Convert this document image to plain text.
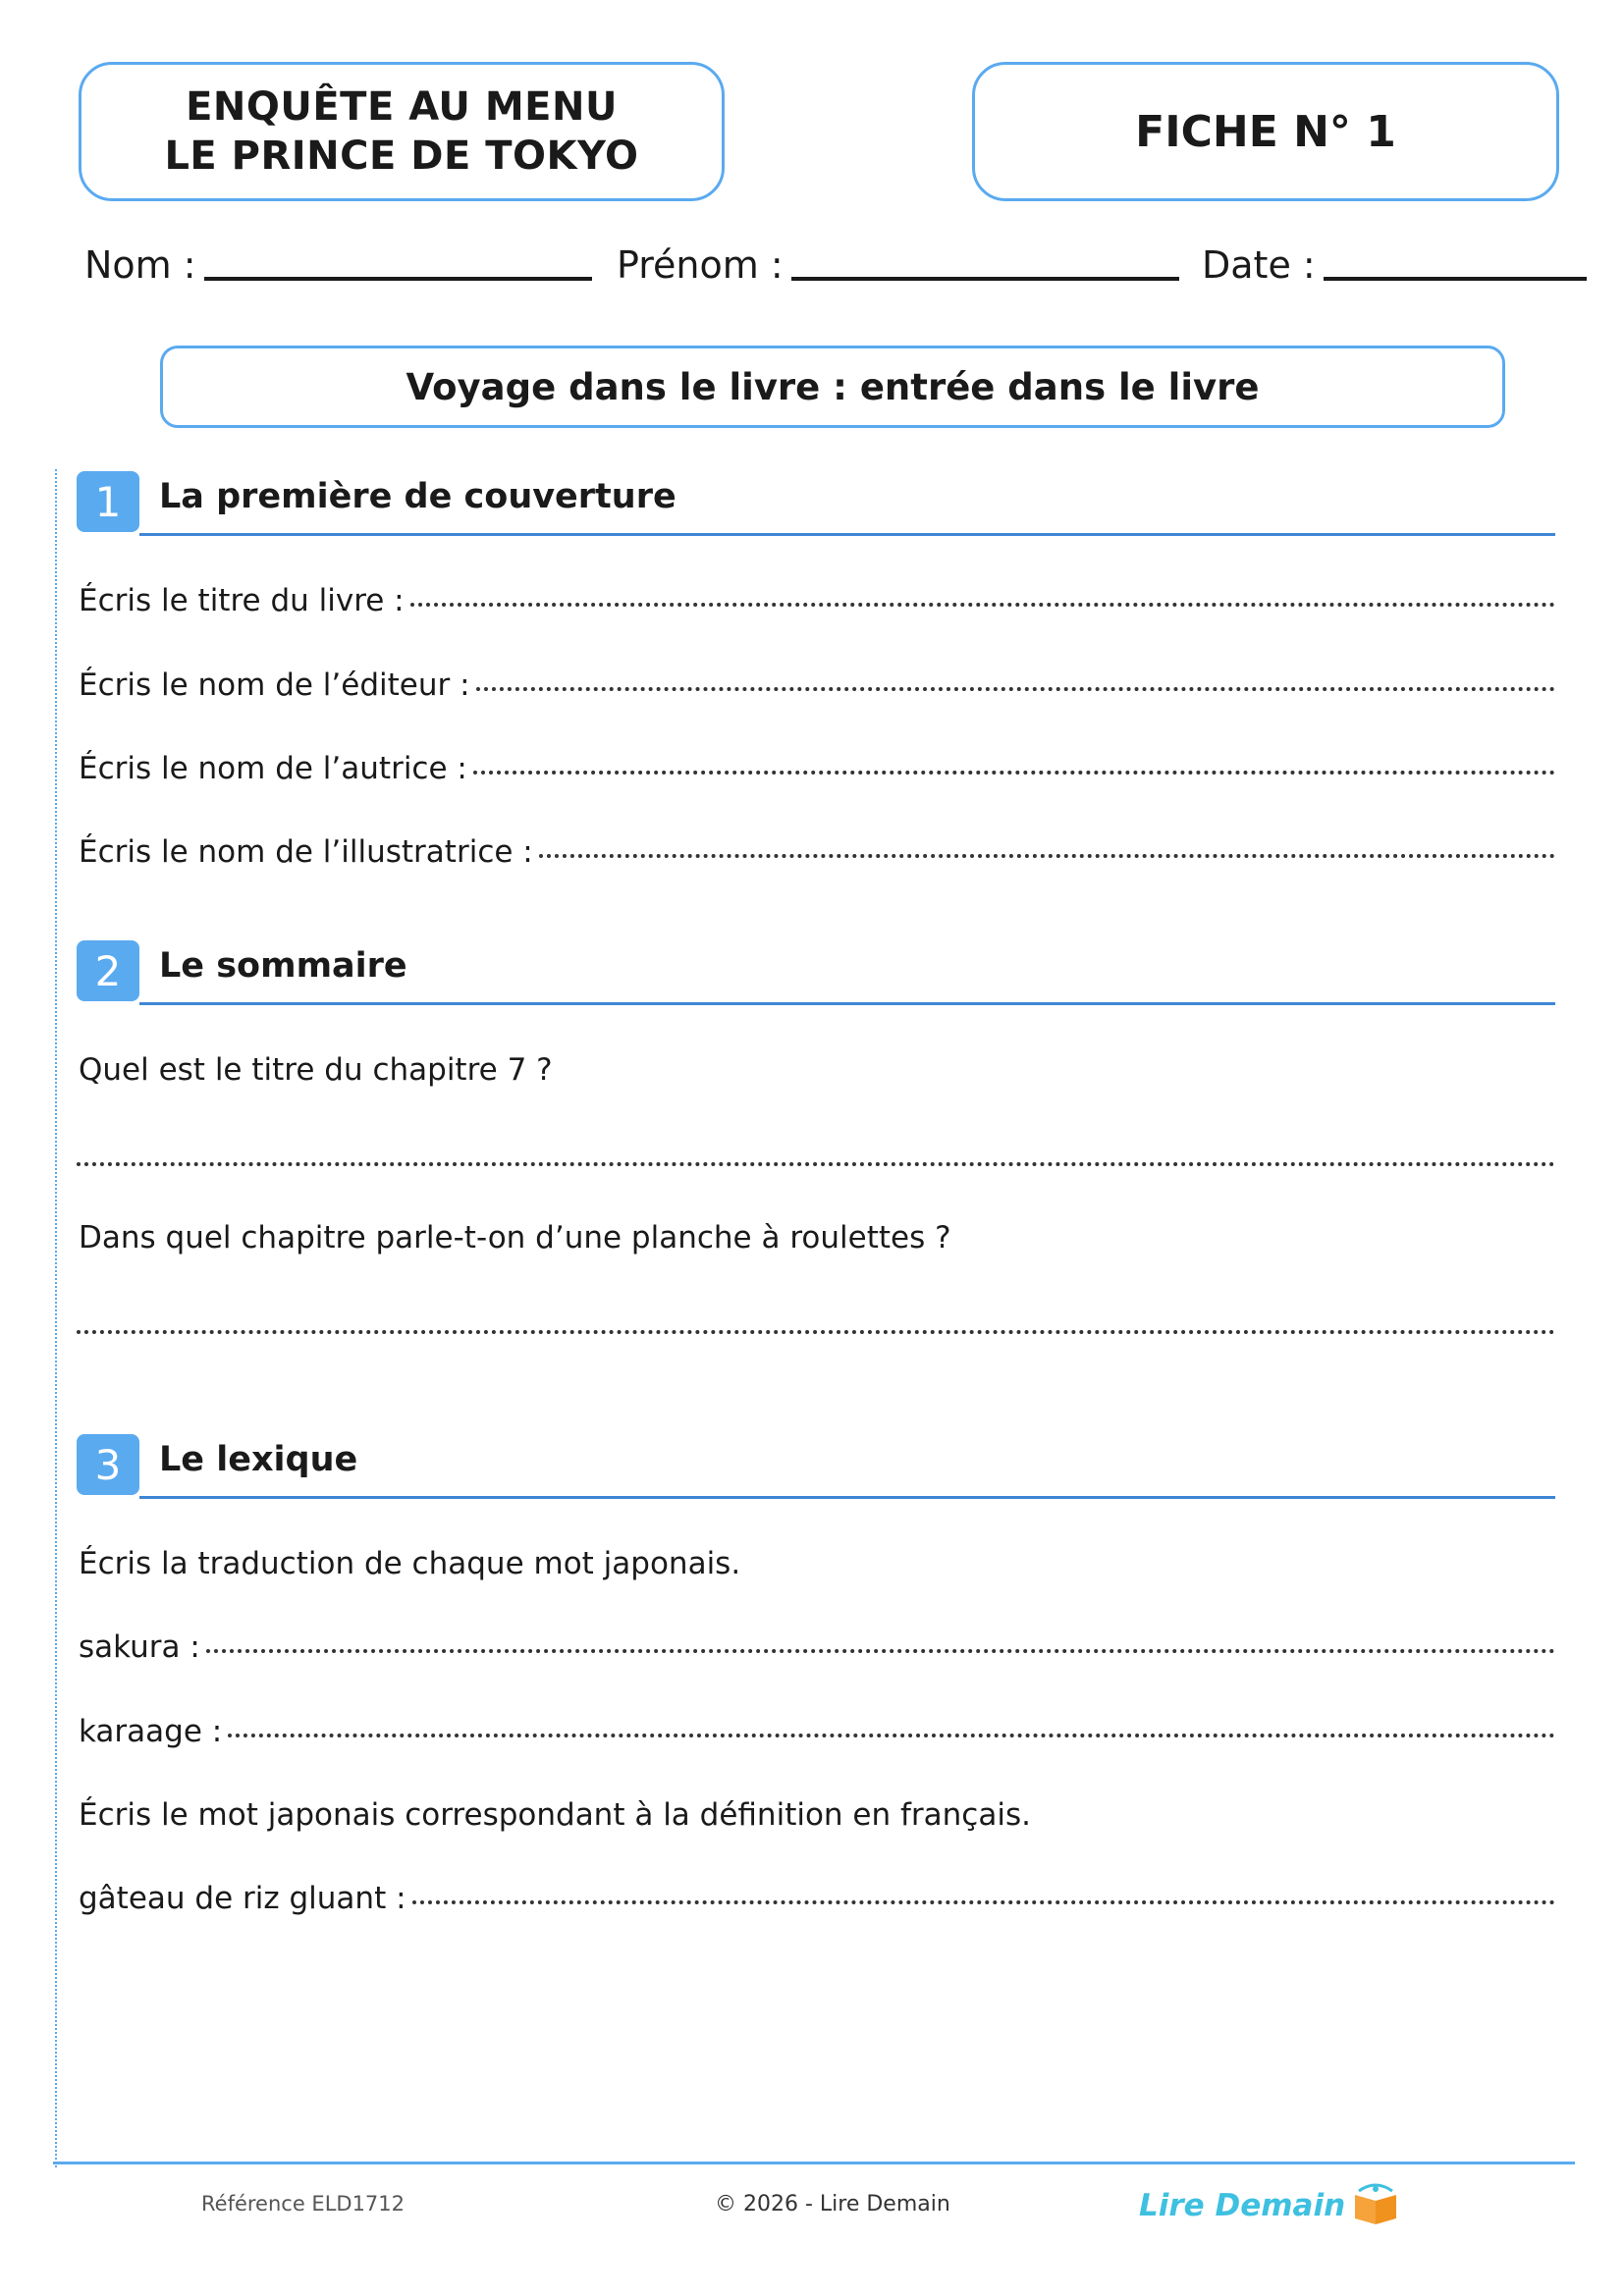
ENQUÊTE AU MENU
LE PRINCE DE TOKYO	FICHE N° 1
Nom :	Prénom :	Date :
Voyage dans le livre : entrée dans le livre
1	La première de couverture
Écris le titre du livre :
Écris le nom de l’éditeur :
Écris le nom de l’autrice :
Écris le nom de l’illustratrice :
2	Le sommaire
Quel est le titre du chapitre 7 ?
Dans quel chapitre parle-t-on d’une planche à roulettes ?
3	Le lexique
Écris la traduction de chaque mot japonais.
sakura :
karaage :
Écris le mot japonais correspondant à la définition en français.
gâteau de riz gluant :
Référence ELD1712	© 2026 - Lire Demain	Lire Demain
